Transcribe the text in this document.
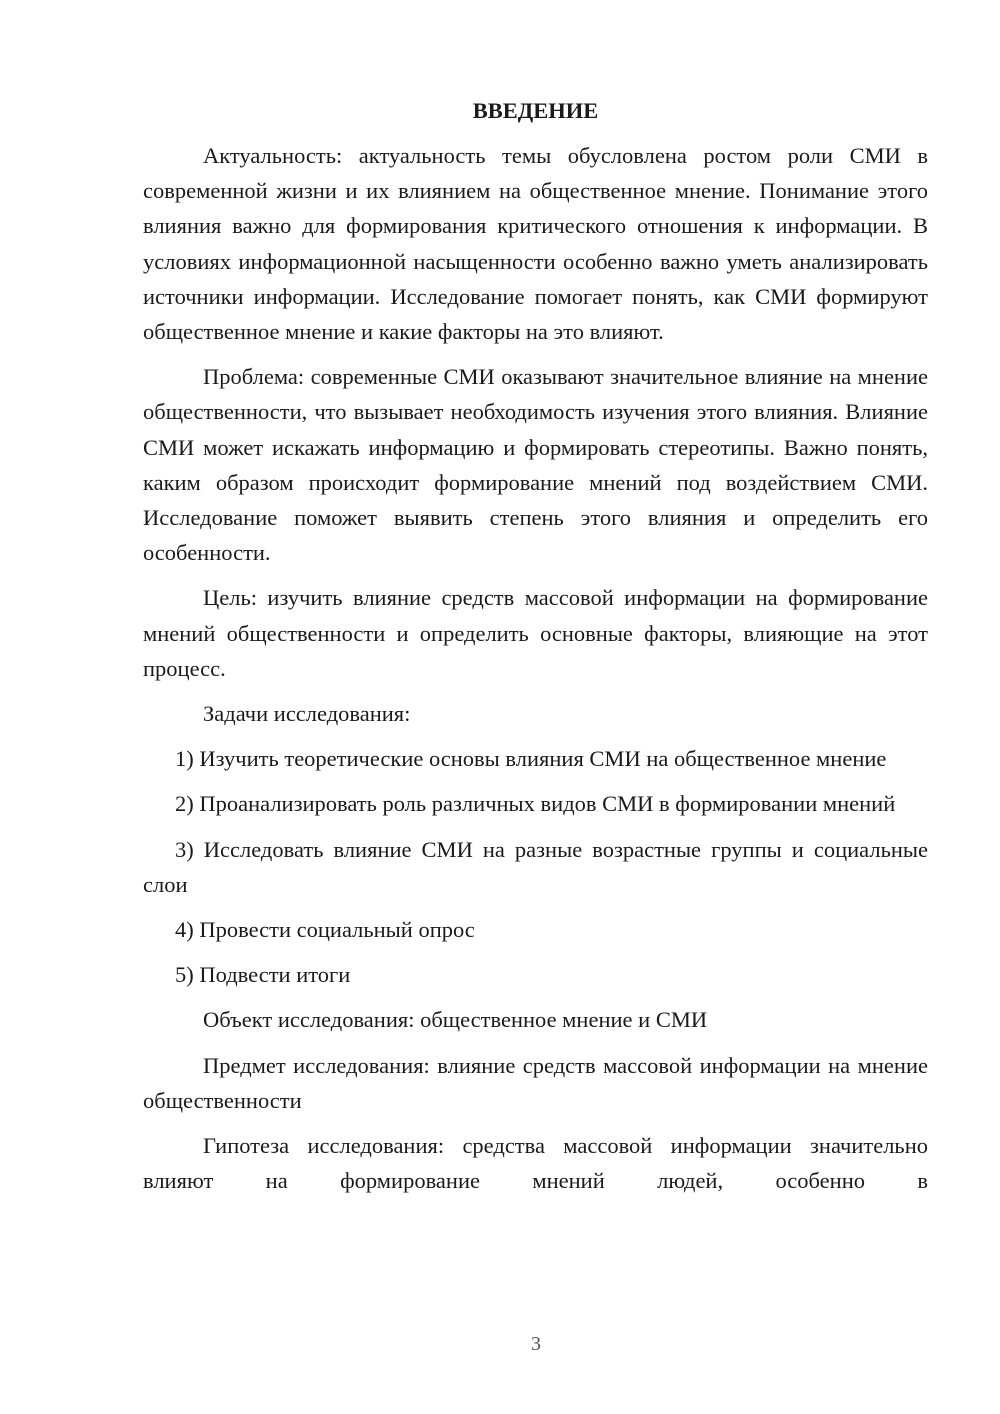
ВВЕДЕНИЕ

Актуальность: актуальность темы обусловлена ростом роли СМИ в современной жизни и их влиянием на общественное мнение. Понимание этого влияния важно для формирования критического отношения к информации. В условиях информационной насыщенности особенно важно уметь анализировать источники информации. Исследование помогает понять, как СМИ формируют общественное мнение и какие факторы на это влияют.

Проблема: современные СМИ оказывают значительное влияние на мнение общественности, что вызывает необходимость изучения этого влияния. Влияние СМИ может искажать информацию и формировать стереотипы. Важно понять, каким образом происходит формирование мнений под воздействием СМИ. Исследование поможет выявить степень этого влияния и определить его особенности.

Цель: изучить влияние средств массовой информации на формирование мнений общественности и определить основные факторы, влияющие на этот процесс.

Задачи исследования:

1) Изучить теоретические основы влияния СМИ на общественное мнение

2) Проанализировать роль различных видов СМИ в формировании мнений

3) Исследовать влияние СМИ на разные возрастные группы и социальные слои

4) Провести социальный опрос

5) Подвести итоги

Объект исследования: общественное мнение и СМИ

Предмет исследования: влияние средств массовой информации на мнение общественности

Гипотеза исследования: средства массовой информации значительно влияют на формирование мнений людей, особенно в

3
